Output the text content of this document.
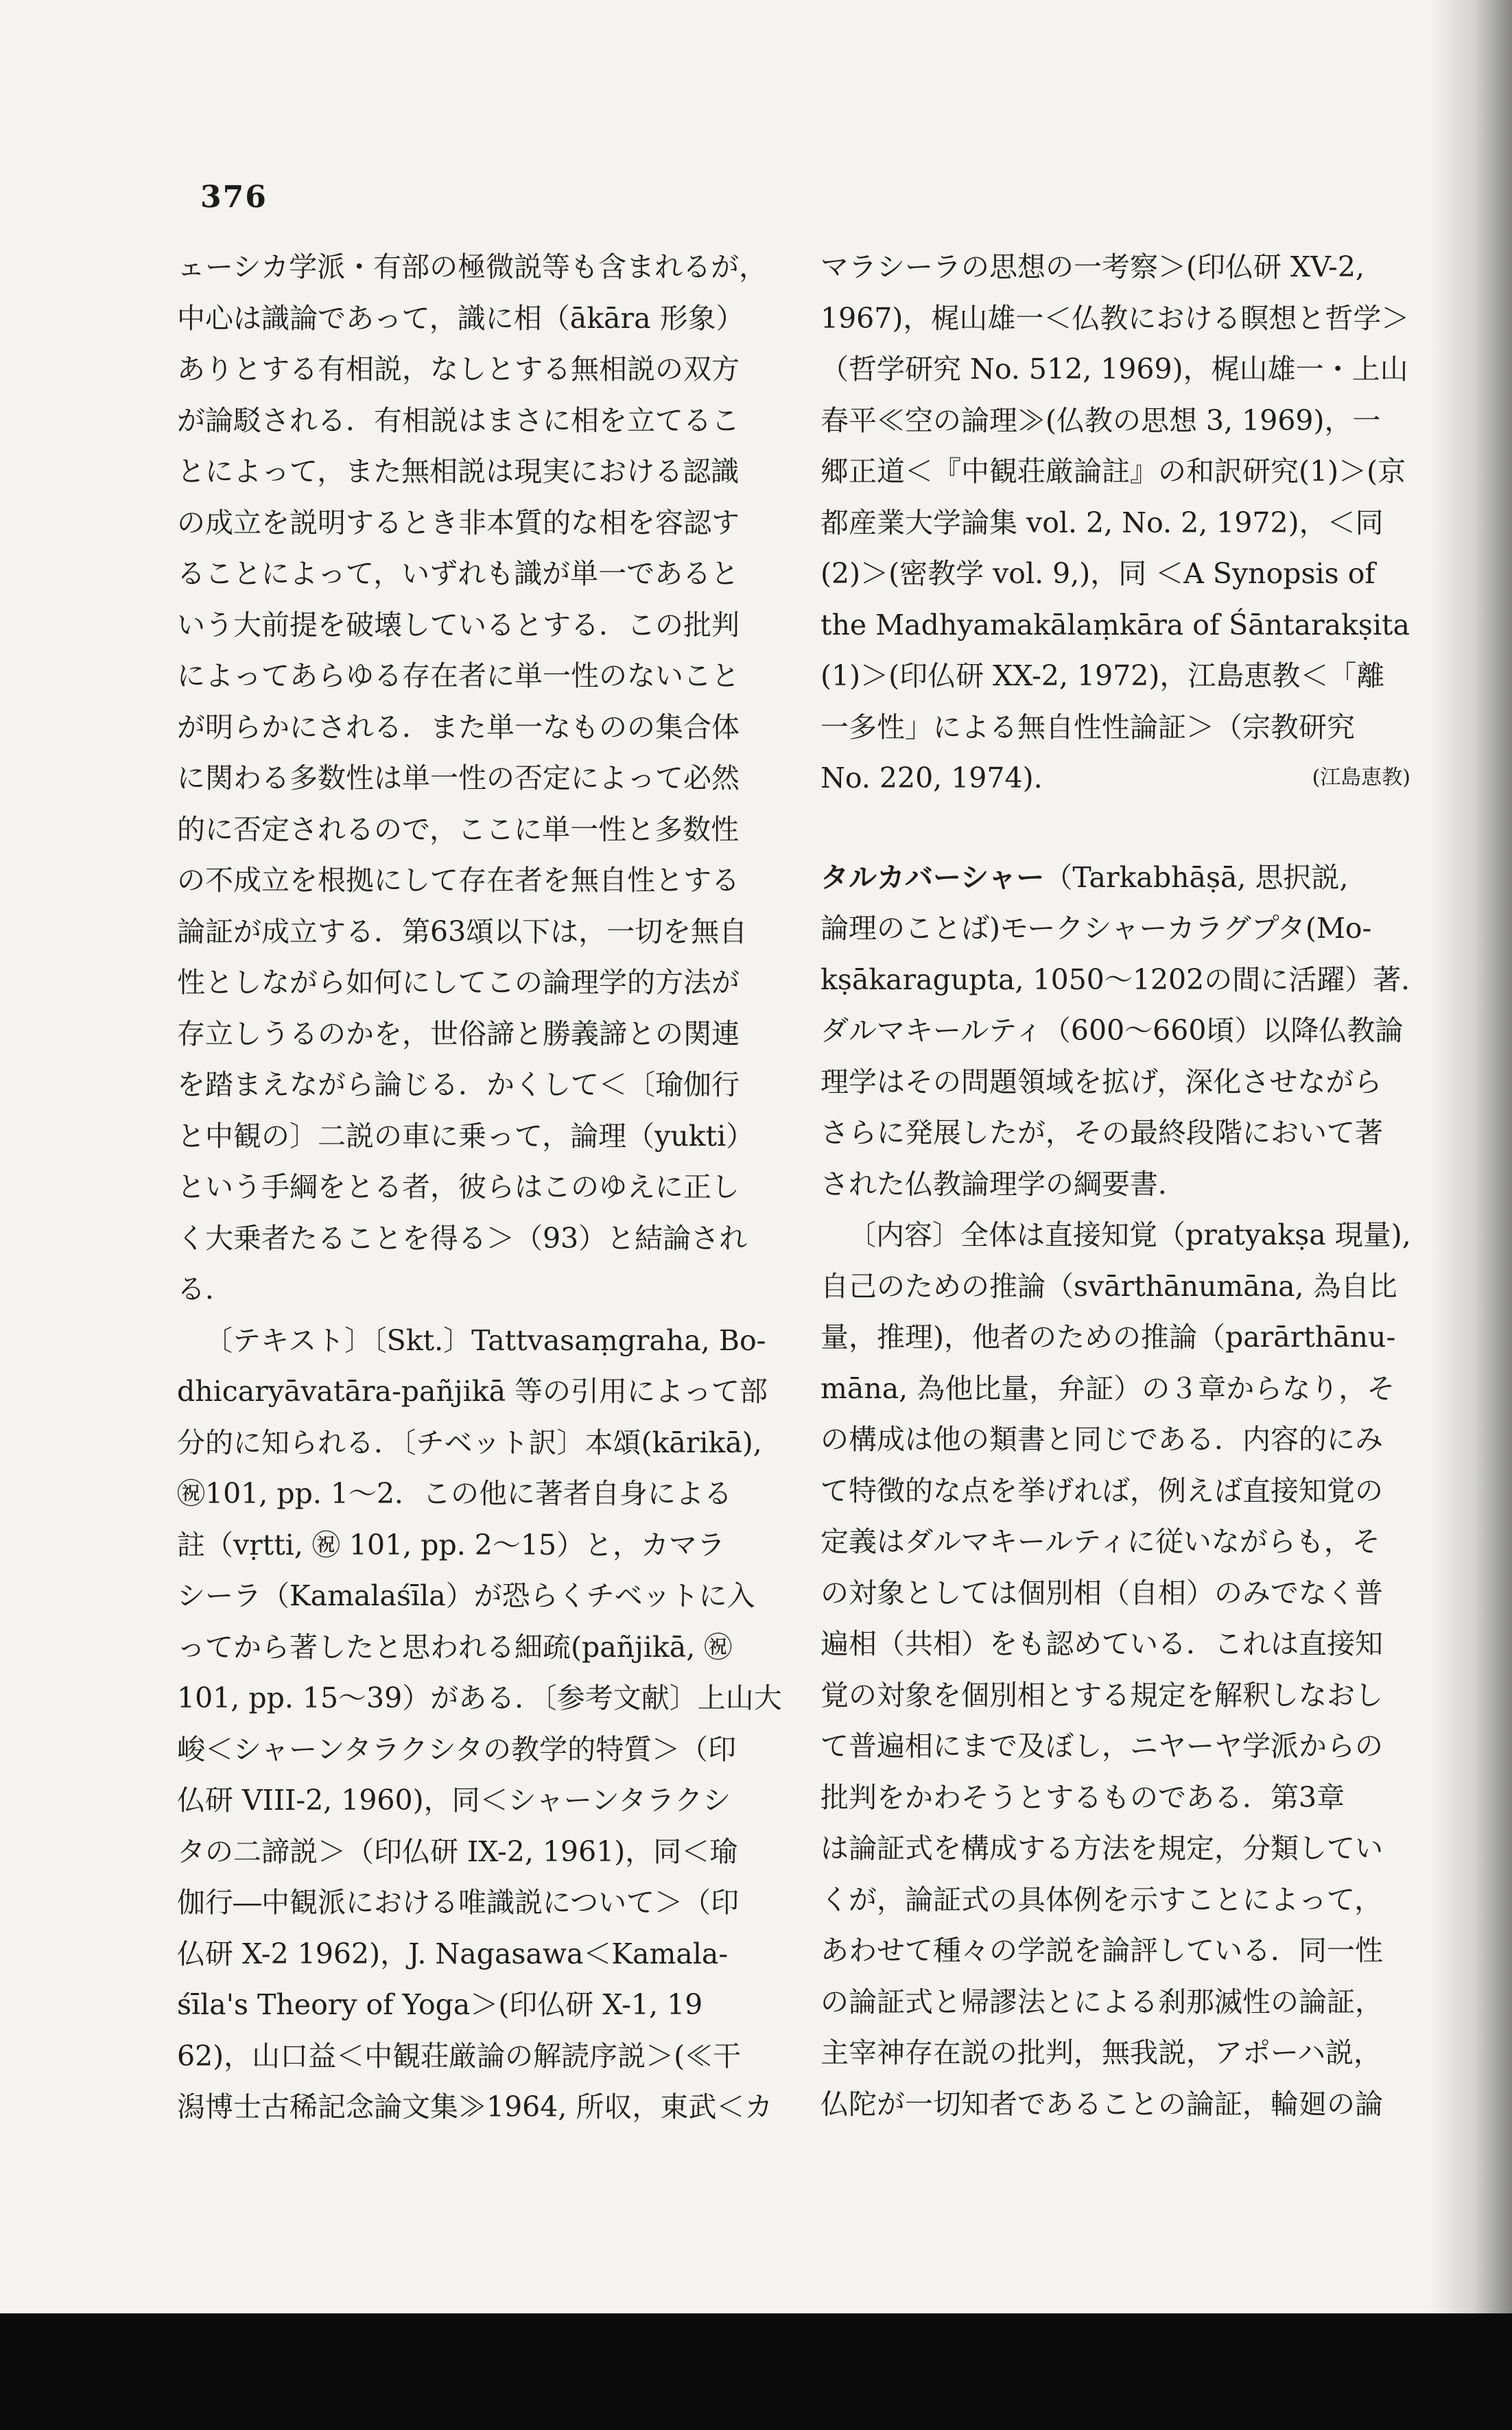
376
ェーシカ学派・有部の極微説等も含まれるが，
中心は識論であって，識に相（ākāra 形象）
ありとする有相説，なしとする無相説の双方
が論駁される．有相説はまさに相を立てるこ
とによって，また無相説は現実における認識
の成立を説明するとき非本質的な相を容認す
ることによって，いずれも識が単一であると
いう大前提を破壊しているとする．この批判
によってあらゆる存在者に単一性のないこと
が明らかにされる．また単一なものの集合体
に関わる多数性は単一性の否定によって必然
的に否定されるので，ここに単一性と多数性
の不成立を根拠にして存在者を無自性とする
論証が成立する．第63頌以下は，一切を無自
性としながら如何にしてこの論理学的方法が
存立しうるのかを，世俗諦と勝義諦との関連
を踏まえながら論じる．かくして＜〔瑜伽行
と中観の〕二説の車に乗って，論理（yukti）
という手綱をとる者，彼らはこのゆえに正し
く大乗者たることを得る＞（93）と結論され
る．
〔テキスト〕〔Skt.〕Tattvasaṃgraha, Bo-
dhicaryāvatāra-pañjikā 等の引用によって部
分的に知られる．〔チベット訳〕本頌(kārikā),
㊗101, pp. 1〜2．この他に著者自身による
註（vṛtti, ㊗ 101, pp. 2〜15）と，カマラ
シーラ（Kamalaśīla）が恐らくチベットに入
ってから著したと思われる細疏(pañjikā, ㊗
101, pp. 15〜39）がある．〔参考文献〕上山大
峻＜シャーンタラクシタの教学的特質＞（印
仏研 VIII-2, 1960)，同＜シャーンタラクシ
タの二諦説＞（印仏研 IX-2, 1961)，同＜瑜
伽行―中観派における唯識説について＞（印
仏研 X-2 1962)，J. Nagasawa＜Kamala-
śīla's Theory of Yoga＞(印仏研 X-1, 19
62)，山口益＜中観荘厳論の解読序説＞(≪干
潟博士古稀記念論文集≫1964, 所収，東武＜カ
マラシーラの思想の一考察＞(印仏研 XV-2,
1967)，梶山雄一＜仏教における瞑想と哲学＞
（哲学研究 No. 512, 1969)，梶山雄一・上山
春平≪空の論理≫(仏教の思想 3, 1969)，一
郷正道＜『中観荘厳論註』の和訳研究(1)＞(京
都産業大学論集 vol. 2, No. 2, 1972)，＜同
(2)＞(密教学 vol. 9,)，同 ＜A Synopsis of
the Madhyamakālaṃkāra of Śāntarakṣita
(1)＞(印仏研 XX-2, 1972)，江島恵教＜「離
一多性」による無自性性論証＞（宗教研究
No. 220, 1974).	(江島恵教)
タルカバーシャー（Tarkabhāṣā, 思択説,
論理のことば)モークシャーカラグプタ(Mo-
kṣākaragupta, 1050〜1202の間に活躍）著．
ダルマキールティ（600〜660頃）以降仏教論
理学はその問題領域を拡げ，深化させながら
さらに発展したが，その最終段階において著
された仏教論理学の綱要書．
〔内容〕全体は直接知覚（pratyakṣa 現量),
自己のための推論（svārthānumāna, 為自比
量，推理)，他者のための推論（parārthānu-
māna, 為他比量，弁証）の３章からなり，そ
の構成は他の類書と同じである．内容的にみ
て特徴的な点を挙げれば，例えば直接知覚の
定義はダルマキールティに従いながらも，そ
の対象としては個別相（自相）のみでなく普
遍相（共相）をも認めている．これは直接知
覚の対象を個別相とする規定を解釈しなおし
て普遍相にまで及ぼし，ニヤーヤ学派からの
批判をかわそうとするものである．第3章
は論証式を構成する方法を規定，分類してい
くが，論証式の具体例を示すことによって，
あわせて種々の学説を論評している．同一性
の論証式と帰謬法とによる刹那滅性の論証，
主宰神存在説の批判，無我説，アポーハ説，
仏陀が一切知者であることの論証，輪廻の論
